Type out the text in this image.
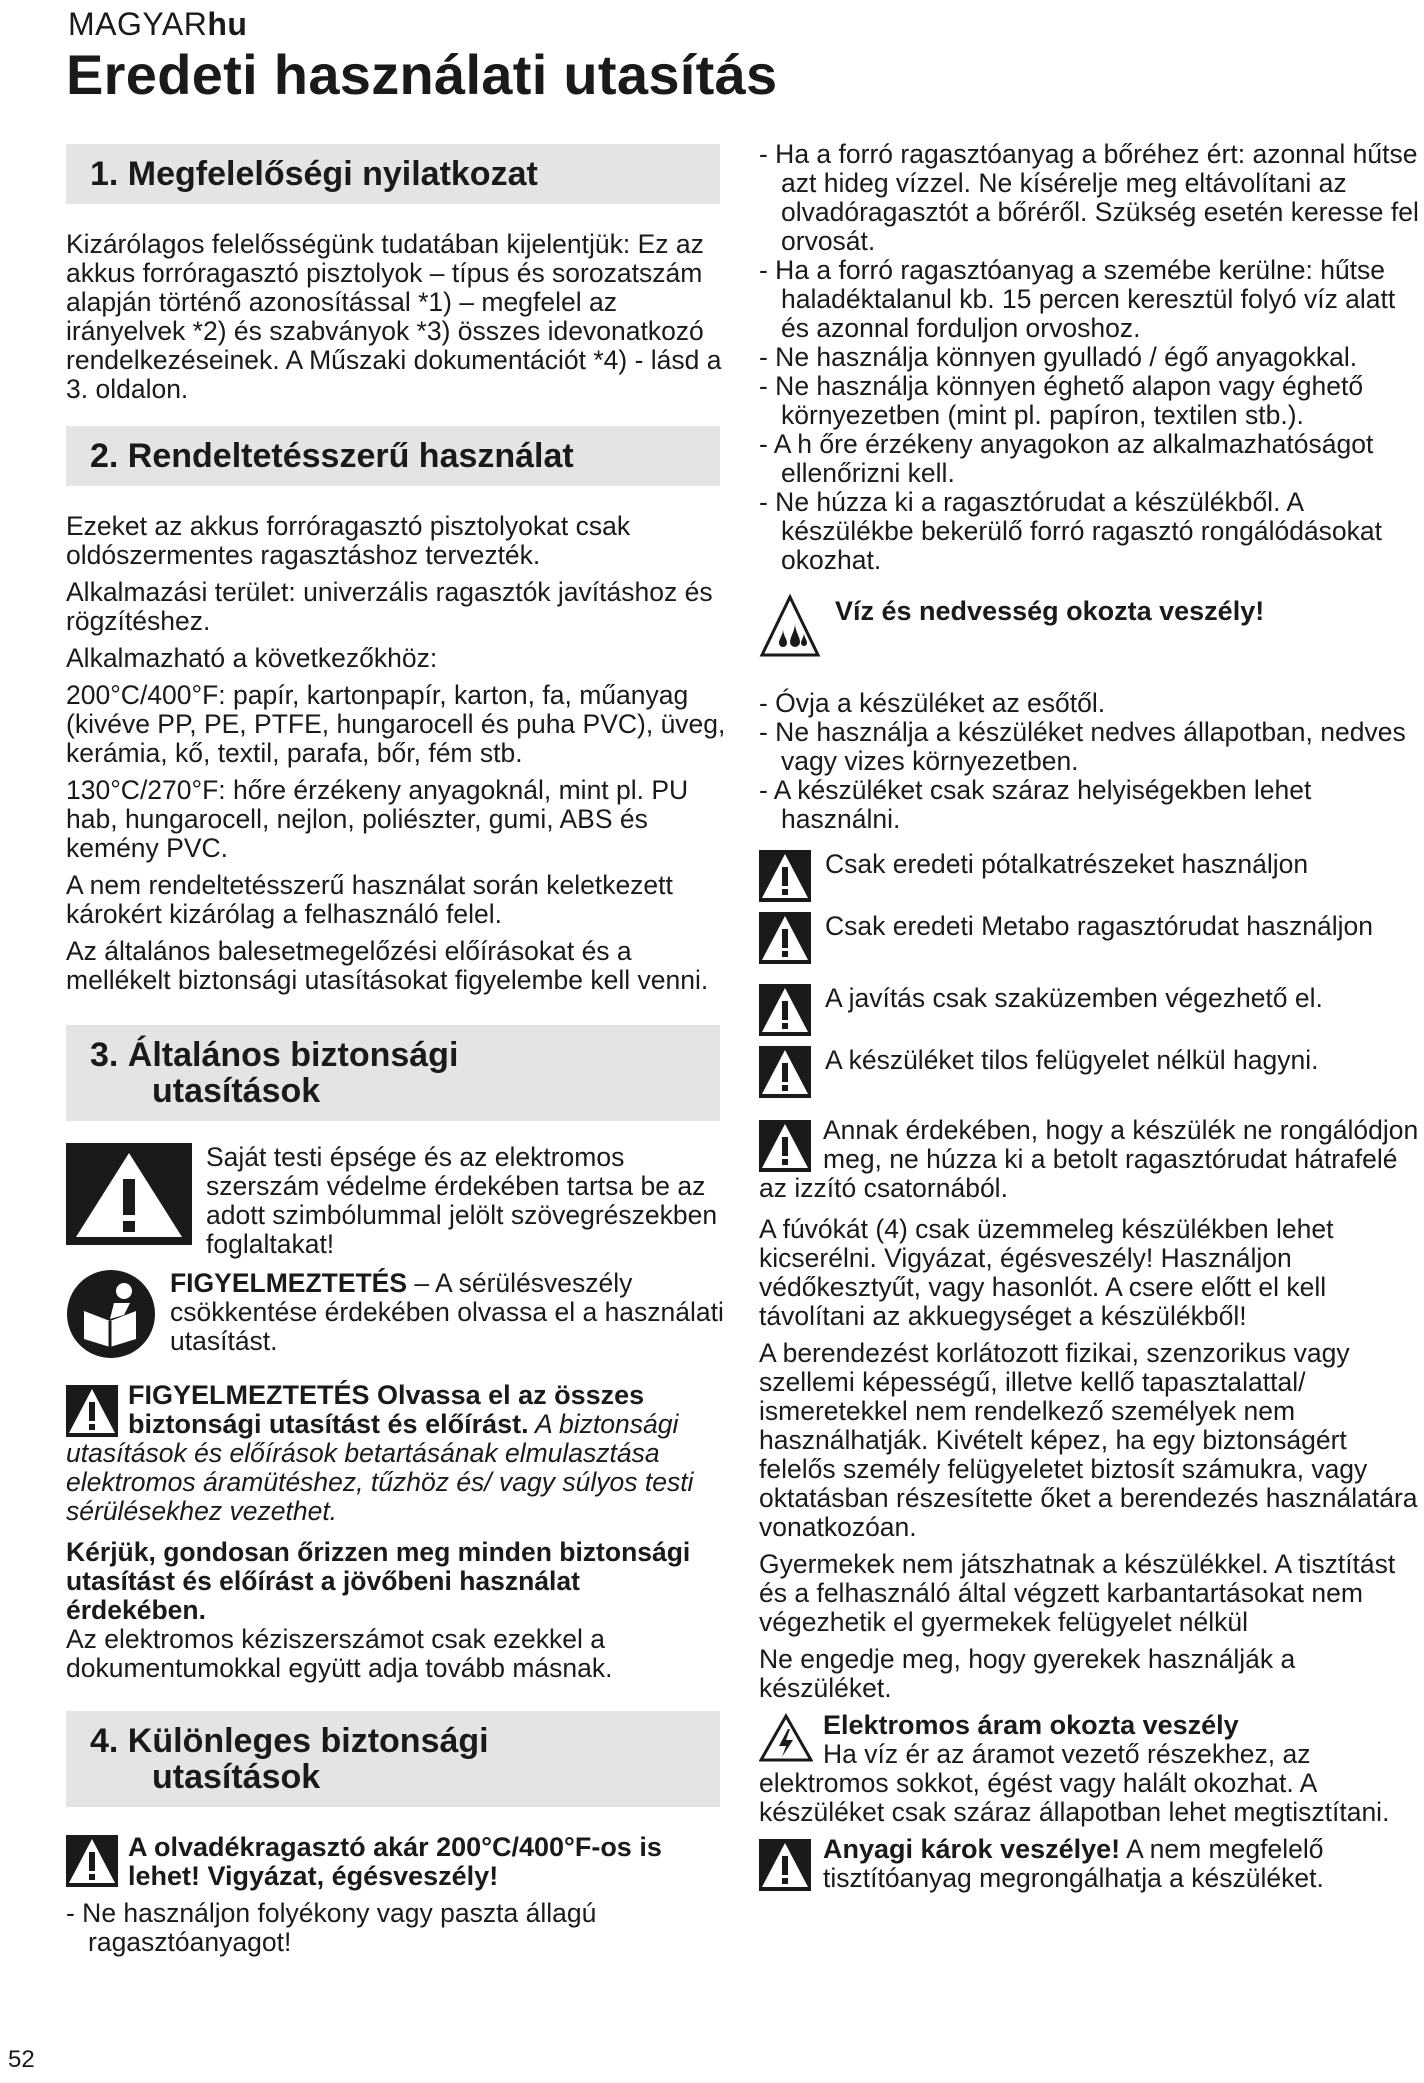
MAGYARhu
Eredeti használati utasítás
1. Megfelelőségi nyilatkozat

Kizárólagos felelősségünk tudatában kijelentjük: Ez az akkus forróragasztó pisztolyok – típus és sorozatszám alapján történő azonosítással *1) – megfelel az irányelvek *2) és szabványok *3) összes idevonatkozó rendelkezéseinek. A Műszaki dokumentációt *4) - lásd a 3. oldalon.

2. Rendeltetésszerű használat

Ezeket az akkus forróragasztó pisztolyokat csak oldószermentes ragasztáshoz tervezték.

Alkalmazási terület: univerzális ragasztók javításhoz és rögzítéshez.

Alkalmazható a következőkhöz:

200°C/400°F: papír, kartonpapír, karton, fa, műanyag (kivéve PP, PE, PTFE, hungarocell és puha PVC), üveg, kerámia, kő, textil, parafa, bőr, fém stb.

130°C/270°F: hőre érzékeny anyagoknál, mint pl. PU hab, hungarocell, nejlon, poliészter, gumi, ABS és kemény PVC.

A nem rendeltetésszerű használat során keletkezett károkért kizárólag a felhasználó felel.

Az általános balesetmegelőzési előírásokat és a mellékelt biztonsági utasításokat figyelembe kell venni.

3. Általános biztonsági
utasítások
Saját testi épsége és az elektromos szerszám védelme érdekében tartsa be az adott szimbólummal jelölt szövegrészekben foglaltakat!
FIGYELMEZTETÉS – A sérülésveszély csökkentése érdekében olvassa el a használati utasítást.
FIGYELMEZTETÉS Olvassa el az összes biztonsági utasítást és előírást. A biztonsági utasítások és előírások betartásának elmulasztása elektromos áramütéshez, tűzhöz és/ vagy súlyos testi sérülésekhez vezethet.

Kérjük, gondosan őrizzen meg minden biztonsági utasítást és előírást a jövőbeni használat érdekében.
Az elektromos kéziszerszámot csak ezekkel a dokumentumokkal együtt adja tovább másnak.

4. Különleges biztonsági
utasítások
A olvadékragasztó akár 200°C/400°F-os is lehet! Vigyázat, égésveszély!
- Ne használjon folyékony vagy paszta állagú ragasztóanyagot!
- Ha a forró ragasztóanyag a bőréhez ért: azonnal hűtse azt hideg vízzel. Ne kísérelje meg eltávolítani az olvadóragasztót a bőréről. Szükség esetén keresse fel orvosát.
- Ha a forró ragasztóanyag a szemébe kerülne: hűtse haladéktalanul kb. 15 percen keresztül folyó víz alatt és azonnal forduljon orvoshoz.
- Ne használja könnyen gyulladó / égő anyagokkal.
- Ne használja könnyen éghető alapon vagy éghető környezetben (mint pl. papíron, textilen stb.).
- A h őre érzékeny anyagokon az alkalmazhatóságot ellenőrizni kell.
- Ne húzza ki a ragasztórudat a készülékből. A készülékbe bekerülő forró ragasztó rongálódásokat okozhat.
Víz és nedvesség okozta veszély!
- Óvja a készüléket az esőtől.
- Ne használja a készüléket nedves állapotban, nedves vagy vizes környezetben.
- A készüléket csak száraz helyiségekben lehet használni.
Csak eredeti pótalkatrészeket használjon
Csak eredeti Metabo ragasztórudat használjon
A javítás csak szaküzemben végezhető el.
A készüléket tilos felügyelet nélkül hagyni.
Annak érdekében, hogy a készülék ne rongálódjon meg, ne húzza ki a betolt ragasztórudat hátrafelé az izzító csatornából.

A fúvókát (4) csak üzemmeleg készülékben lehet kicserélni. Vigyázat, égésveszély! Használjon védőkesztyűt, vagy hasonlót. A csere előtt el kell távolítani az akkuegységet a készülékből!

A berendezést korlátozott fizikai, szenzorikus vagy szellemi képességű, illetve kellő tapasztalattal/ ismeretekkel nem rendelkező személyek nem használhatják. Kivételt képez, ha egy biztonságért felelős személy felügyeletet biztosít számukra, vagy oktatásban részesítette őket a berendezés használatára vonatkozóan.

Gyermekek nem játszhatnak a készülékkel. A tisztítást és a felhasználó által végzett karbantartásokat nem végezhetik el gyermekek felügyelet nélkül

Ne engedje meg, hogy gyerekek használják a készüléket.

Elektromos áram okozta veszély
Ha víz ér az áramot vezető részekhez, az elektromos sokkot, égést vagy halált okozhat. A készüléket csak száraz állapotban lehet megtisztítani.
Anyagi károk veszélye! A nem megfelelő tisztítóanyag megrongálhatja a készüléket.
52
